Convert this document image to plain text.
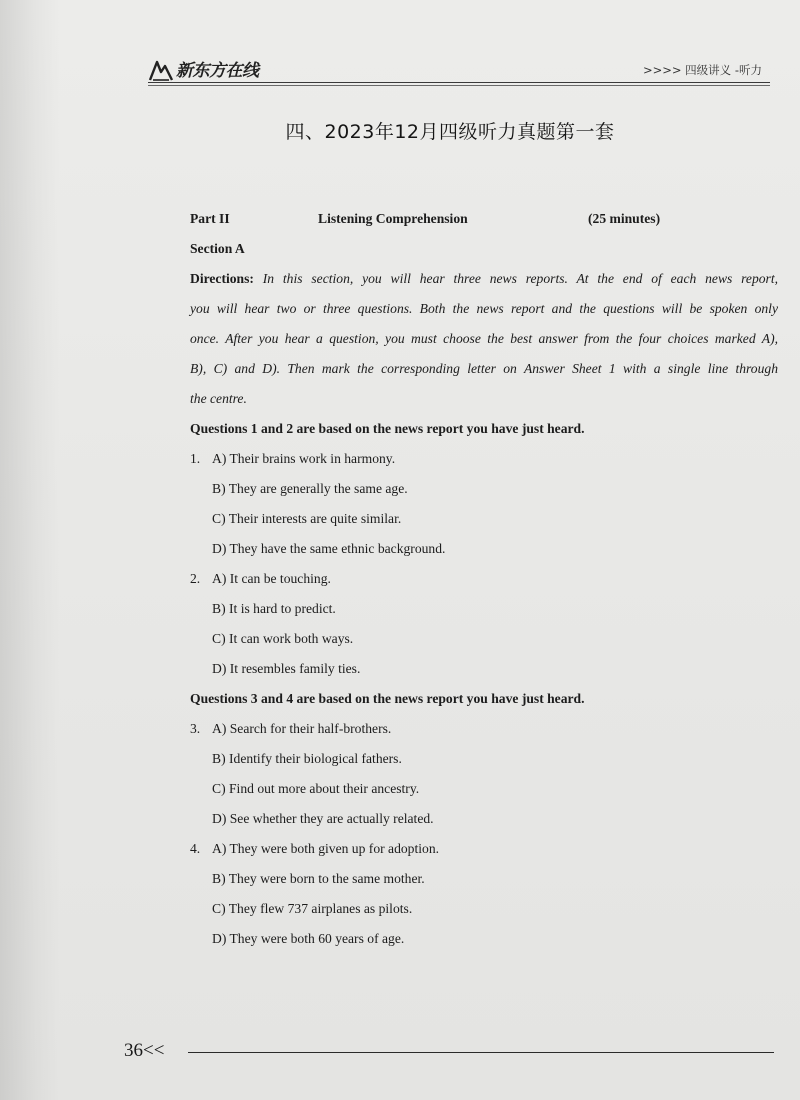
新东方在线	>>>> 四级讲义 -听力
四、2023年12月四级听力真题第一套
Part II	Listening Comprehension	(25 minutes)
Section A
Directions: In this section, you will hear three news reports. At the end of each news report,
you will hear two or three questions. Both the news report and the questions will be spoken only
once. After you hear a question, you must choose the best answer from the four choices marked A),
B), C) and D). Then mark the corresponding letter on Answer Sheet 1 with a single line through
the centre.
Questions 1 and 2 are based on the news report you have just heard.
1. A) Their brains work in harmony.
B) They are generally the same age.
C) Their interests are quite similar.
D) They have the same ethnic background.
2. A) It can be touching.
B) It is hard to predict.
C) It can work both ways.
D) It resembles family ties.
Questions 3 and 4 are based on the news report you have just heard.
3. A) Search for their half-brothers.
B) Identify their biological fathers.
C) Find out more about their ancestry.
D) See whether they are actually related.
4. A) They were both given up for adoption.
B) They were born to the same mother.
C) They flew 737 airplanes as pilots.
D) They were both 60 years of age.
36<<
